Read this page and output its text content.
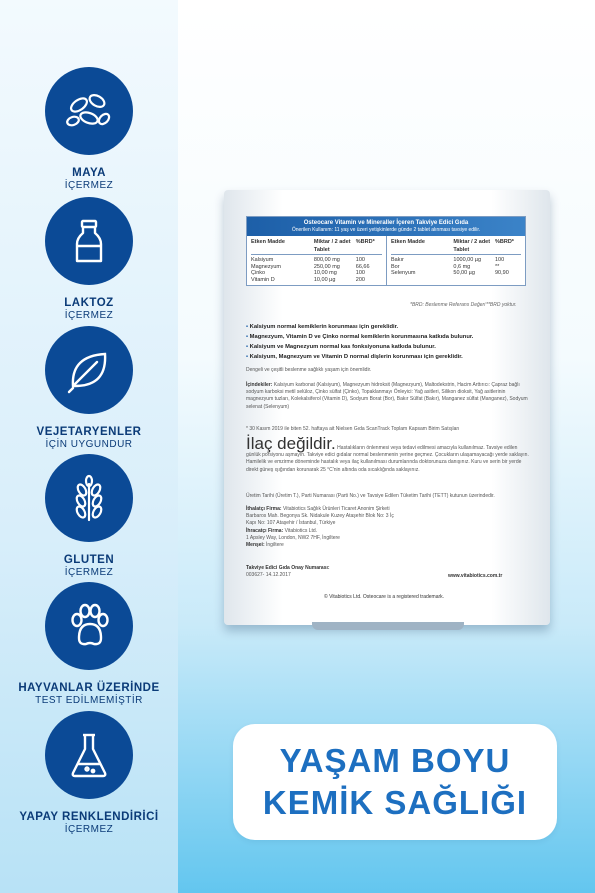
MAYA
İÇERMEZ
LAKTOZ
İÇERMEZ
VEJETARYENLER
İÇİN UYGUNDUR
GLUTEN
İÇERMEZ
HAYVANLAR ÜZERİNDE
TEST EDİLMEMİŞTİR
YAPAY RENKLENDİRİCİ
İÇERMEZ
Osteocare Vitamin ve Mineraller İçeren Takviye Edici Gıda
Önerilen Kullanım: 11 yaş ve üzeri yetişkinlerde günde 2 tablet alınması tavsiye edilir.
Etken Madde	Miktar / 2 adet Tablet
%BRD*
Kalsiyum	800,00 mg	100
Magnezyum	250,00 mg	66,66
Çinko	10,00 mg	100
Vitamin D	10,00 µg	200
Etken Madde	Miktar / 2 adet Tablet
%BRD*
Bakır	1000,00 µg	100
Bor	0,6 mg	**
Selenyum	50,00 µg	90,90
*BRD: Beslenme Referans Değeri **BRD yoktur.
• Kalsiyum normal kemiklerin korunması için gereklidir.
• Magnezyum, Vitamin D ve Çinko normal kemiklerin korunmasına katkıda bulunur.
• Kalsiyum ve Magnezyum normal kas fonksiyonuna katkıda bulunur.
• Kalsiyum, Magnezyum ve Vitamin D normal dişlerin korunması için gereklidir.
Dengeli ve çeşitli beslenme sağlıklı yaşam için önemlidir.
İçindekiler: Kalsiyum karbonat (Kalsiyum), Magnezyum hidroksit (Magnezyum), Maltodekstrin, Hacim Arttırıcı: Çapraz bağlı sodyum karboksi metil selüloz, Çinko sülfat (Çinko), Topaklanmayı Önleyici: Yağ asitleri, Silikon dioksit, Yağ asitlerinin magnezyum tuzları, Kolekalsiferol (Vitamin D), Sodyum Borat (Bor), Bakır Sülfat (Bakır), Manganez sülfat (Manganez), Sodyum selenat (Selenyum)
* 30 Kasım 2019 ile biten 52. haftaya ait Nielsen Gıda ScanTrack Toplam Kapsam Birim Satışları
İlaç değildir. Hastalıkların önlenmesi veya tedavi edilmesi amacıyla kullanılmaz. Tavsiye edilen günlük porsiyonu aşmayın. Takviye edici gıdalar normal beslenmenin yerine geçmez. Çocukların ulaşamayacağı yerde saklayın. Hamilelik ve emzirme döneminde hastalık veya ilaç kullanılması durumlarında doktorunuza danışınız. Kuru ve serin bir yerde direkt güneş ışığından korunarak 25 °C'nin altında oda sıcaklığında saklayınız.
Üretim Tarihi (Üretim T.), Parti Numarası (Parti No.) ve Tavsiye Edilen Tüketim Tarihi (TETT) kutunun üzerindedir.
İthalatçı Firma: Vitabiotics Sağlık Ürünleri Ticaret Anonim Şirketi
Barbaros Mah. Begonya Sk. Nidakule Kuzey Ataşehir Blok No: 3 İç
Kapı No: 107 Ataşehir / İstanbul, Türkiye
İhracatçı Firma: Vitabiotics Ltd.
1 Apsley Way, London, NW2 7HF, İngiltere
Menşei: İngiltere
Takviye Edici Gıda Onay Numarası:
003627- 14.12.2017	www.vitabiotics.com.tr
© Vitabiotics Ltd. Osteocare is a registered trademark.
YAŞAM BOYU
KEMİK SAĞLIĞI
